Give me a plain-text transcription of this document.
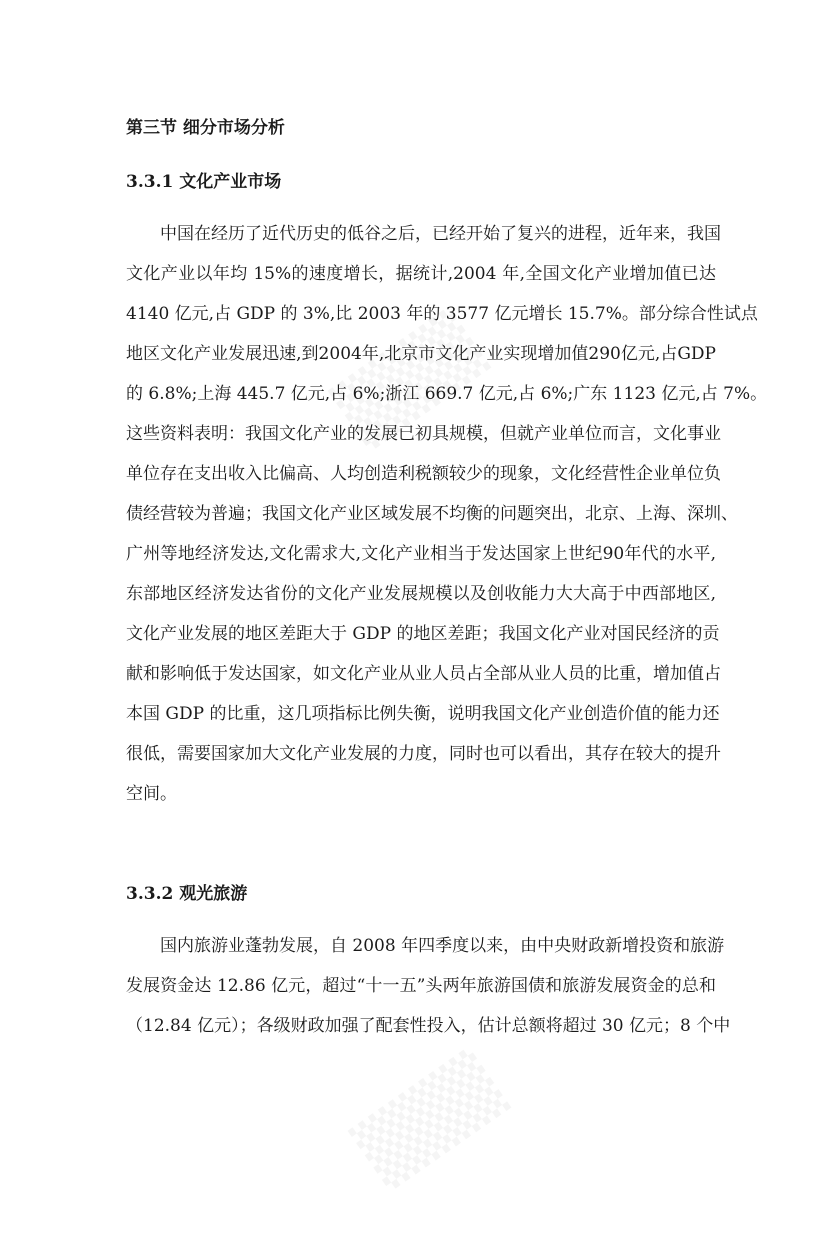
▒▒▒
▒▒▒
第三节 细分市场分析
3.3.1 文化产业市场
中国在经历了近代历史的低谷之后，已经开始了复兴的进程，近年来，我国
文化产业以年均 15%的速度增长，据统计,2004 年,全国文化产业增加值已达
4140 亿元,占 GDP 的 3%,比 2003 年的 3577 亿元增长 15.7%。部分综合性试点
地区文化产业发展迅速,到2004年,北京市文化产业实现增加值290亿元,占GDP
的 6.8%;上海 445.7 亿元,占 6%;浙江 669.7 亿元,占 6%;广东 1123 亿元,占 7%。
这些资料表明：我国文化产业的发展已初具规模，但就产业单位而言，文化事业
单位存在支出收入比偏高、人均创造利税额较少的现象，文化经营性企业单位负
债经营较为普遍；我国文化产业区域发展不均衡的问题突出，北京、上海、深圳、
广州等地经济发达,文化需求大,文化产业相当于发达国家上世纪90年代的水平,
东部地区经济发达省份的文化产业发展规模以及创收能力大大高于中西部地区,
文化产业发展的地区差距大于 GDP 的地区差距；我国文化产业对国民经济的贡
献和影响低于发达国家，如文化产业从业人员占全部从业人员的比重，增加值占
本国 GDP 的比重，这几项指标比例失衡，说明我国文化产业创造价值的能力还
很低，需要国家加大文化产业发展的力度，同时也可以看出，其存在较大的提升
空间。
3.3.2 观光旅游
国内旅游业蓬勃发展，自 2008 年四季度以来，由中央财政新增投资和旅游
发展资金达 12.86 亿元，超过“十一五”头两年旅游国债和旅游发展资金的总和
（12.84 亿元）；各级财政加强了配套性投入，估计总额将超过 30 亿元；8 个中
